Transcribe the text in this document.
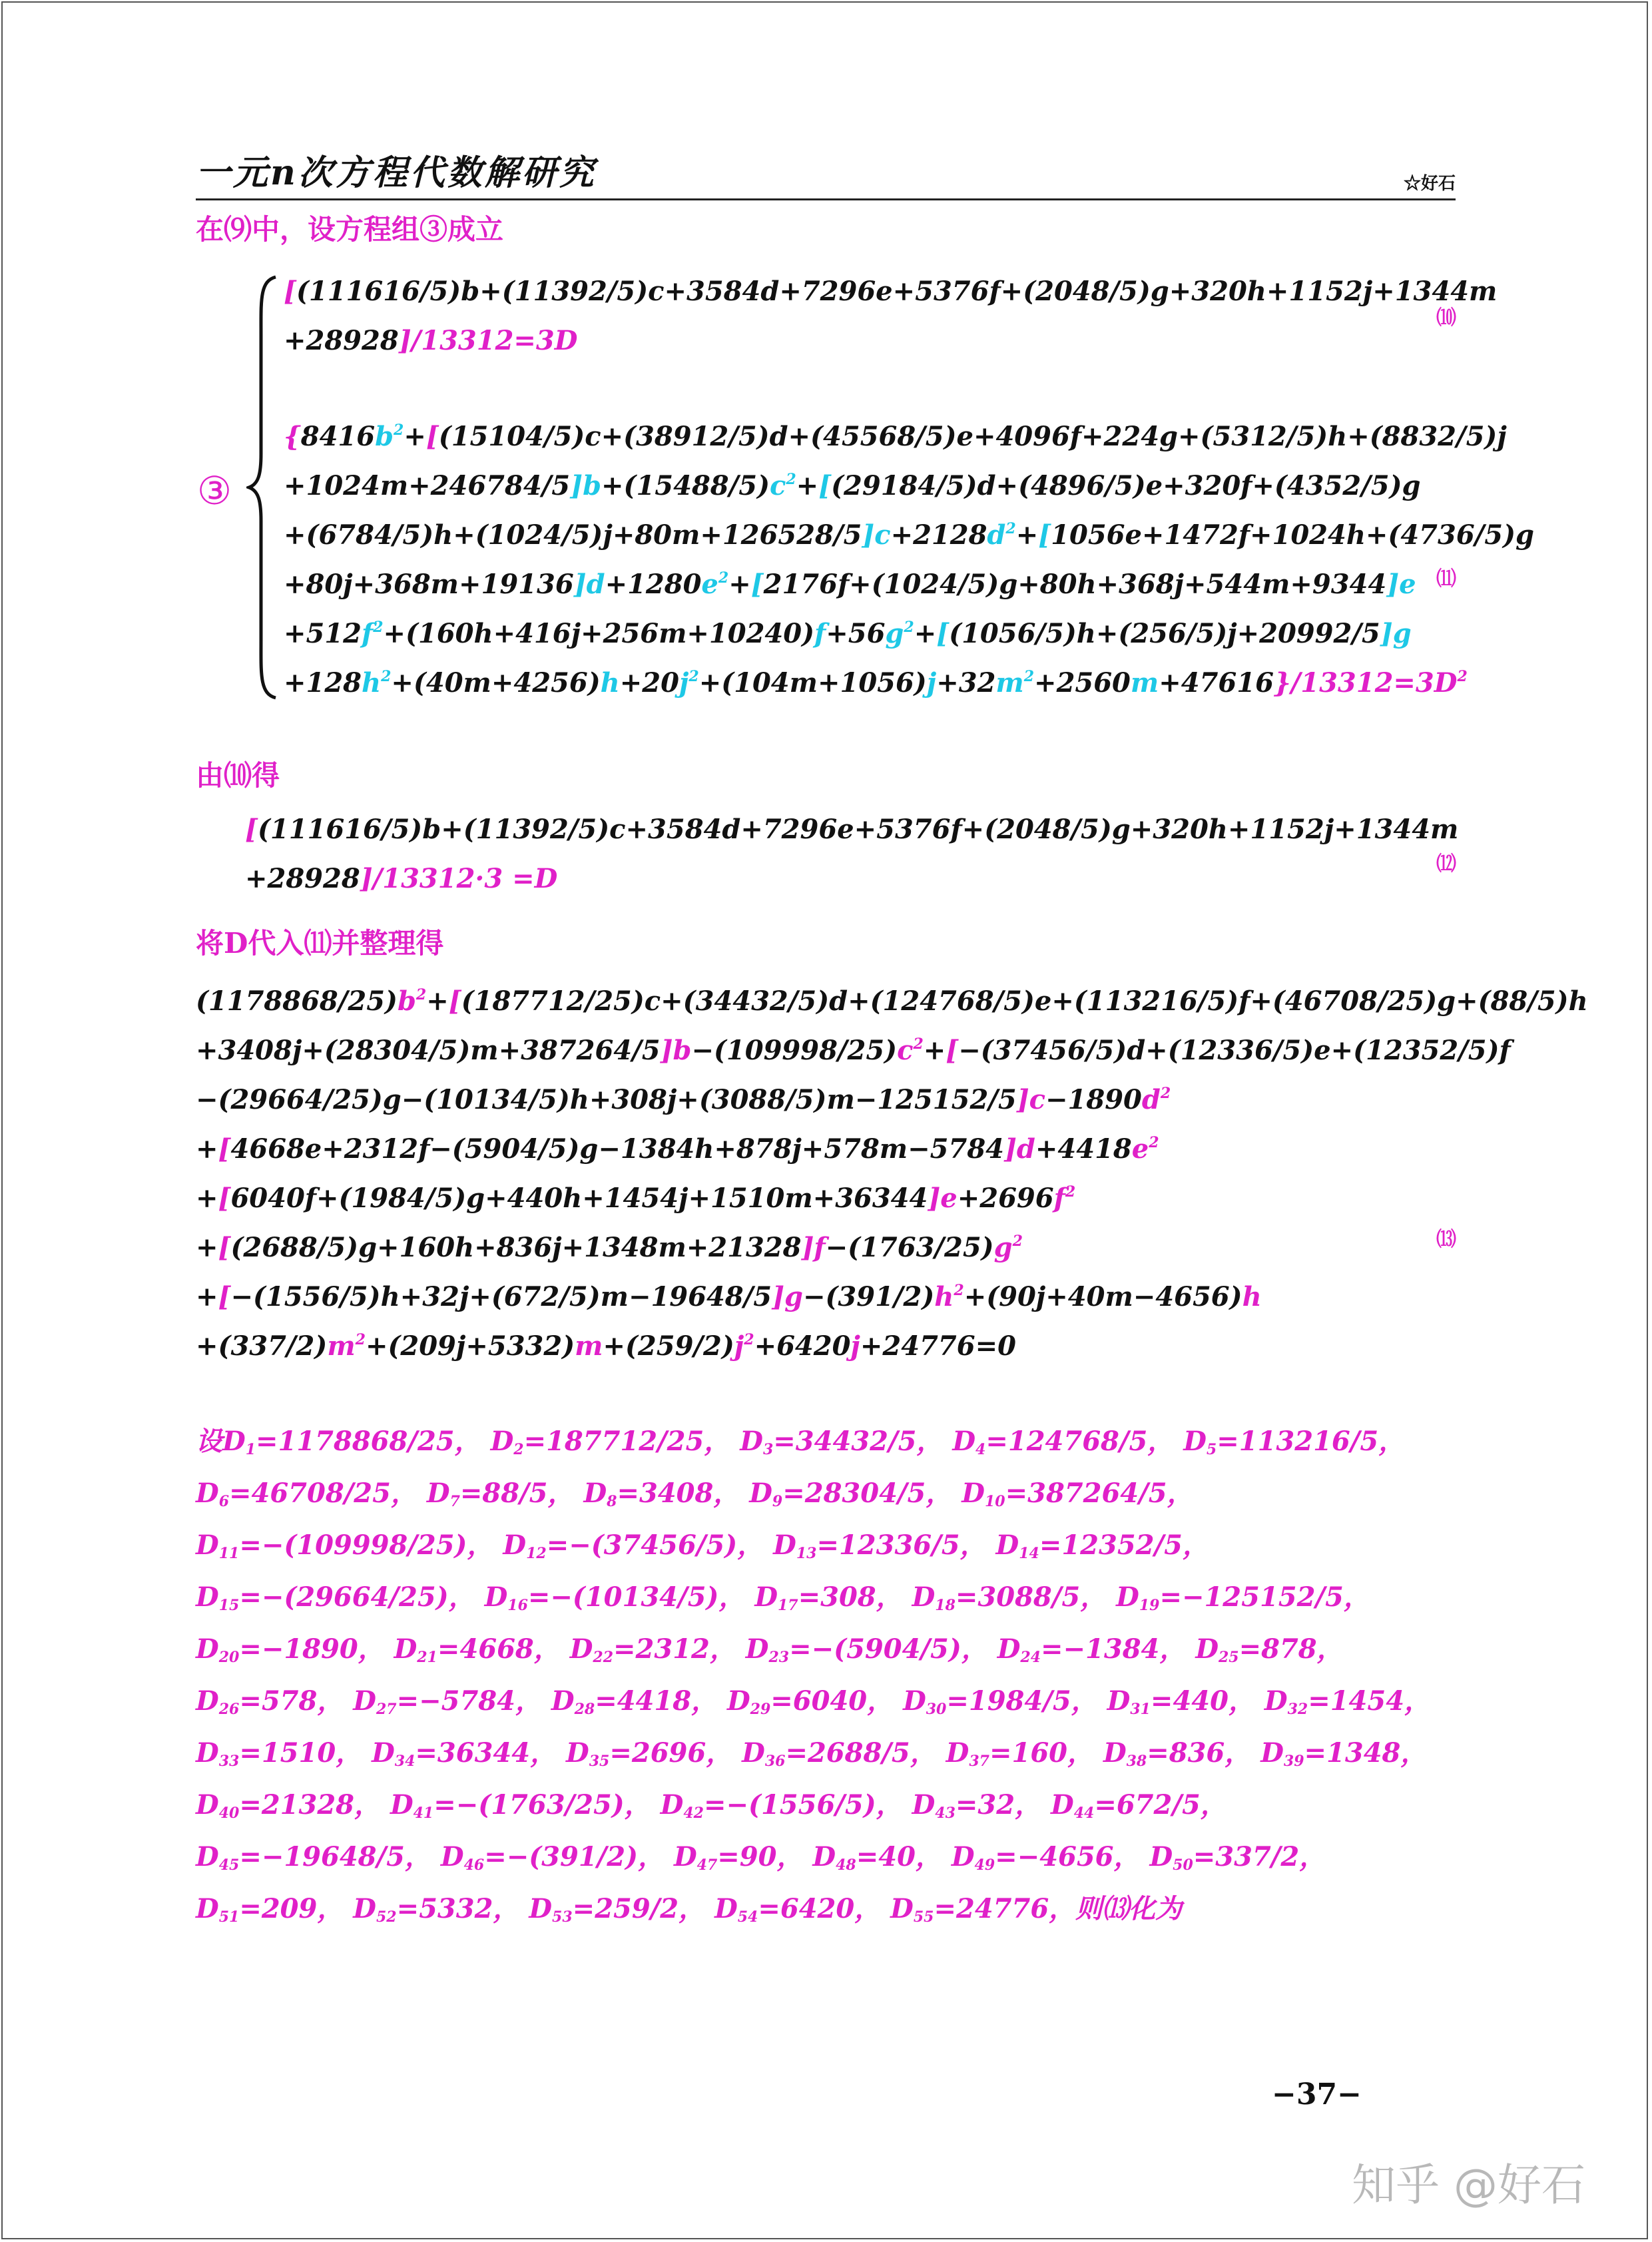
一元n次方程代数解研究	☆好石
在⑼中，设方程组③成立
③
[(111616/5)b+(11392/5)c+3584d+7296e+5376f+(2048/5)g+320h+1152j+1344m
+28928]/13312=3D
⑽
{$8416b^2+[(15104/5)c+(38912/5)d+(45568/5)e+4096f+224g+(5312/5)h+(8832/5)j$
$+1024m+246784/5]b+(15488/5)c^2+[(29184/5)d+(4896/5)e+320f+(4352/5)g$
$+(6784/5)h+(1024/5)j+80m+126528/5]c+2128d^2+[1056e+1472f+1024h+(4736/5)g$
$+80j+368m+19136]d+1280e^2+[2176f+(1024/5)g+80h+368j+544m+9344]e$
$+512f^2+(160h+416j+256m+10240)f+56g^2+[(1056/5)h+(256/5)j+20992/5]g$
$+128h^2+(40m+4256)h+20j^2+(104m+1056)j+32m^2+2560m+47616\}/13312=3D^2$
⑾
由⑽得
[(111616/5)b+(11392/5)c+3584d+7296e+5376f+(2048/5)g+320h+1152j+1344m
+28928]/13312·3 =D	⑿
将D代入⑾并整理得
$(1178868/25)b^2+[(187712/25)c+(34432/5)d+(124768/5)e+(113216/5)f+(46708/25)g+(88/5)h$
$+3408j+(28304/5)m+387264/5]b-(109998/25)c^2+[-(37456/5)d+(12336/5)e+(12352/5)f$
$-(29664/25)g-(10134/5)h+308j+(3088/5)m-125152/5]c-1890d^2$
$+[4668e+2312f-(5904/5)g-1384h+878j+578m-5784]d+4418e^2$
$+[6040f+(1984/5)g+440h+1454j+1510m+36344]e+2696f^2$
$+[(2688/5)g+160h+836j+1348m+21328]f-(1763/25)g^2$
$+[-(1556/5)h+32j+(672/5)m-19648/5]g-(391/2)h^2+(90j+40m-4656)h$
$+(337/2)m^2+(209j+5332)m+(259/2)j^2+6420j+24776=0$
⒀
设$D_1=1178868/25$， $D_2=187712/25$， $D_3=34432/5$， $D_4=124768/5$， $D_5=113216/5$， $D_6=46708/25$， $D_7=88/5$， $D_8=3408$， $D_9=28304/5$， $D_{10}=387264/5$， $D_{11}=-(109998/25)$， $D_{12}=-(37456/5)$， $D_{13}=12336/5$， $D_{14}=12352/5$， $D_{15}=-(29664/25)$， $D_{16}=-(10134/5)$， $D_{17}=308$， $D_{18}=3088/5$， $D_{19}=-125152/5$， $D_{20}=-1890$， $D_{21}=4668$， $D_{22}=2312$， $D_{23}=-(5904/5)$， $D_{24}=-1384$， $D_{25}=878$， $D_{26}=578$， $D_{27}=-5784$， $D_{28}=4418$， $D_{29}=6040$， $D_{30}=1984/5$， $D_{31}=440$， $D_{32}=1454$， $D_{33}=1510$， $D_{34}=36344$， $D_{35}=2696$， $D_{36}=2688/5$， $D_{37}=160$， $D_{38}=836$， $D_{39}=1348$， $D_{40}=21328$， $D_{41}=-(1763/25)$， $D_{42}=-(1556/5)$， $D_{43}=32$， $D_{44}=672/5$， $D_{45}=-19648/5$， $D_{46}=-(391/2)$， $D_{47}=90$， $D_{48}=40$， $D_{49}=-4656$， $D_{50}=337/2$， $D_{51}=209$， $D_{52}=5332$， $D_{53}=259/2$， $D_{54}=6420$， $D_{55}=24776$，则⒀化为
−37−
知乎 @好石
